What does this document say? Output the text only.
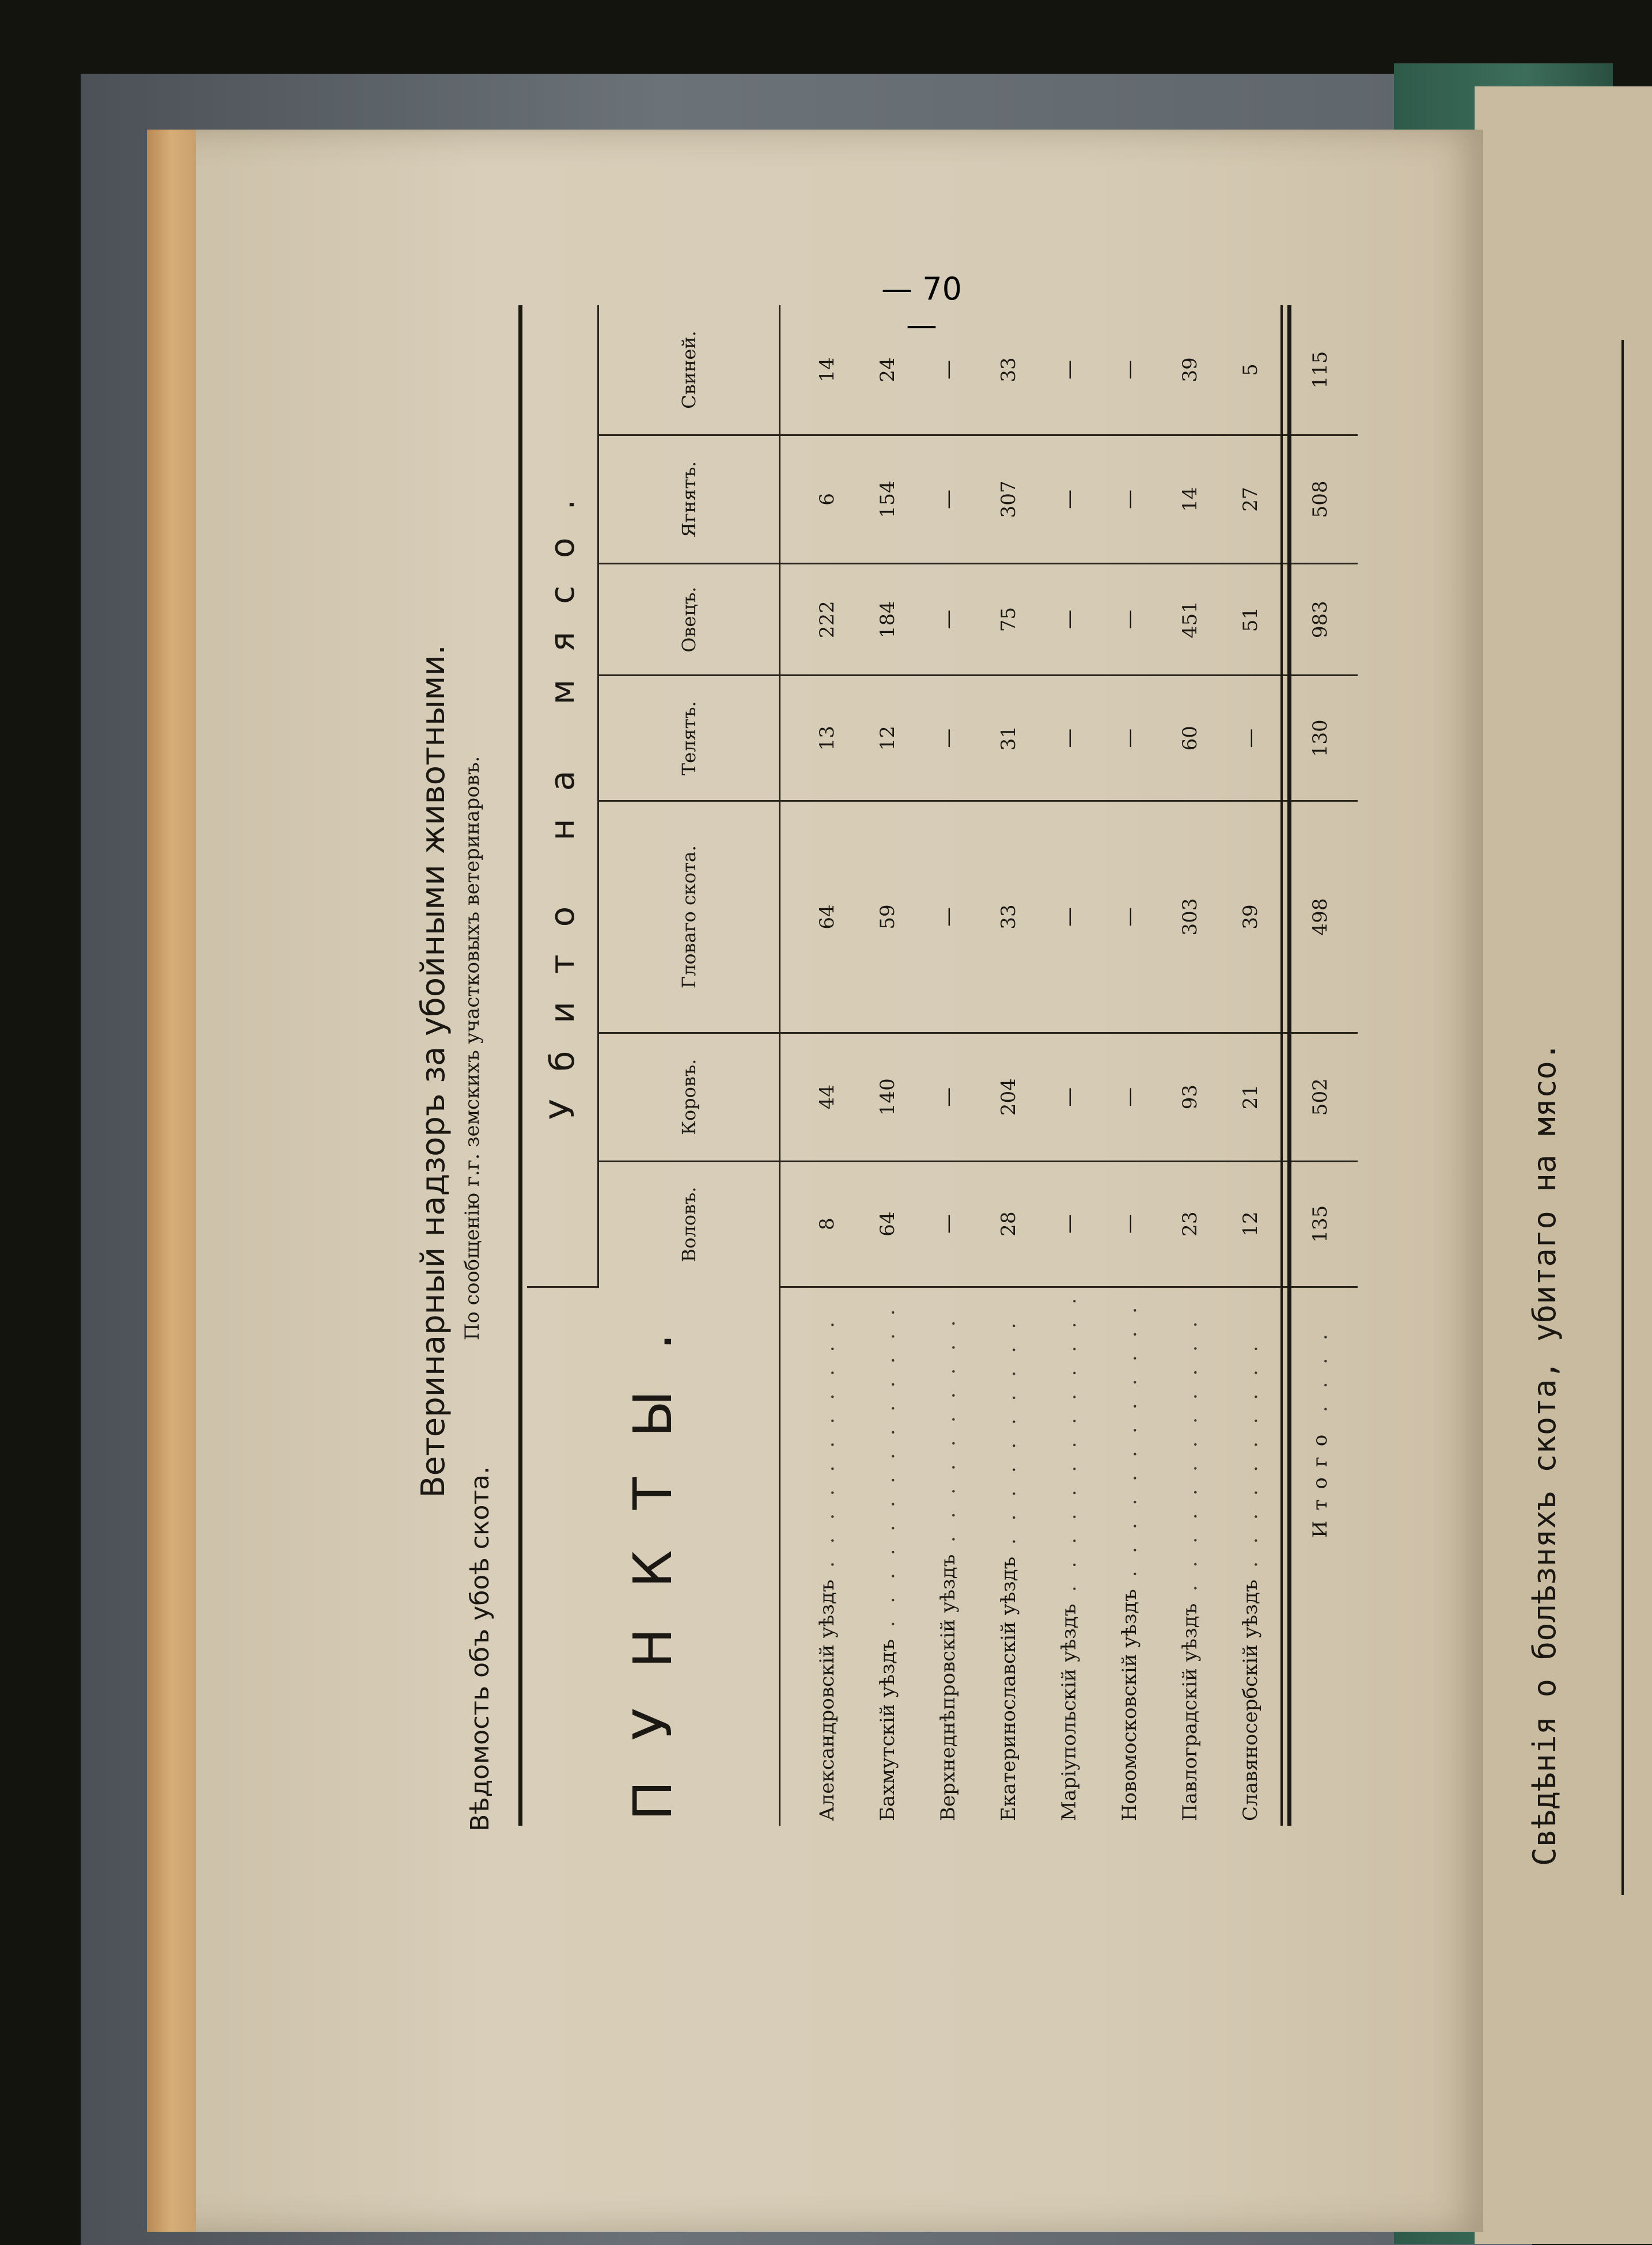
Вѣдомость объ убоѣ скота.
Ветеринарный надзоръ за убойными животными. По сообщенію г.г. земскихъ участковыхъ ветеринаровъ.
ПУНКТЫ.	Убито на мясо.						
	Воловъ.	Коровъ.	Гловаго скота.	Телятъ.	Овецъ.	Ягнятъ.	Свиней.
Александровскій уѣздъ . . . . . . . . . . .	8	44	64	13	222	6	14
Бахмутскій уѣздъ . . . . . . . . . . . . . .	64	140	59	12	184	154	24
Верхнеднѣпровскій уѣздъ . . . . . . . . . .	—	—	—	—	—	—	—
Екатеринославскій уѣздъ . . . . . . . . . .	28	204	33	31	75	307	33
Маріупольскій уѣздъ . . . . . . . . . . . . .	—	—	—	—	—	—	—
Новомосковскій уѣздъ . . . . . . . . . . . .	—	—	—	—	—	—	—
Павлоградскій уѣздъ . . . . . . . . . . . .	23	93	303	60	451	14	39
Славяносербскій уѣздъ . . . . . . . . . .	12	21	39	—	51	27	5
Итого . . . .	135	502	498	130	983	508	115
— 70 —
Свѣдѣнія о болѣзняхъ скота, убитаго на мясо.
